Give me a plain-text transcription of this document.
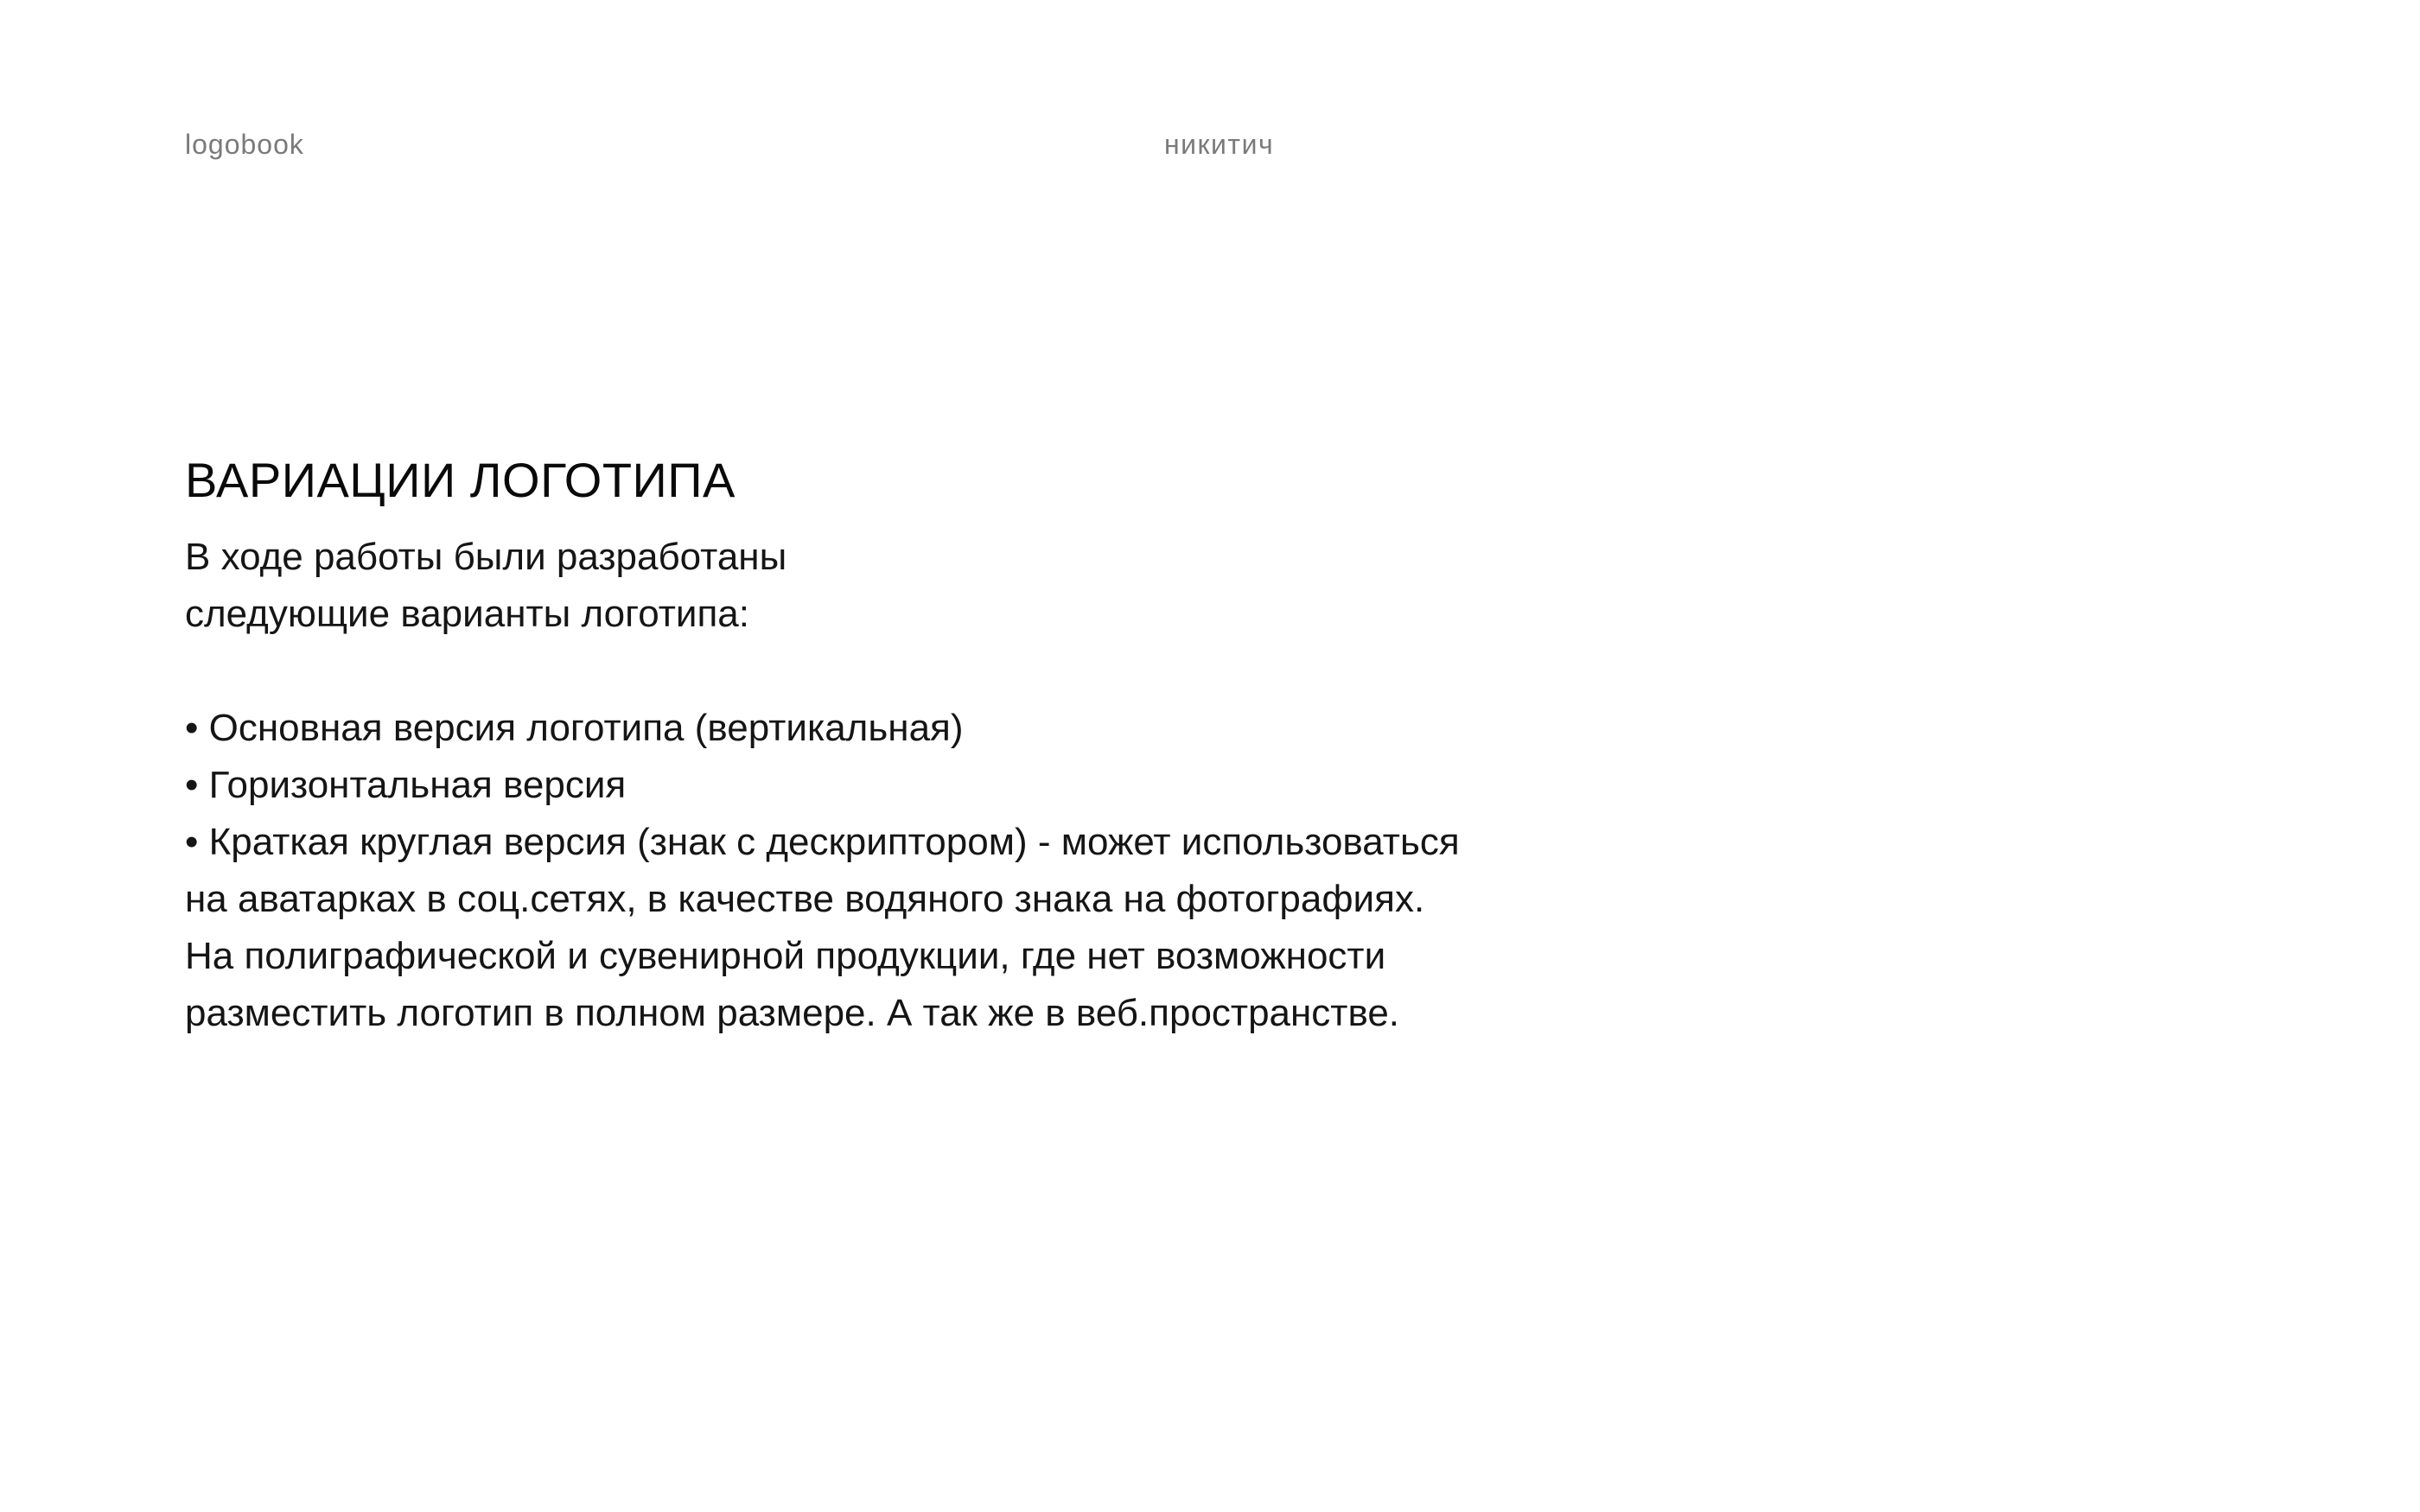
logobook	никитич
ВАРИАЦИИ ЛОГОТИПА
В ходе работы были разработаны
следующие варианты логотипа:
• Основная версия логотипа (вертикальная)
• Горизонтальная версия
• Краткая круглая версия (знак с дескриптором) - может использоваться
на аватарках в соц.сетях, в качестве водяного знака на фотографиях.
На полиграфической и сувенирной продукции, где нет возможности
разместить логотип в полном размере. А так же в веб.пространстве.
